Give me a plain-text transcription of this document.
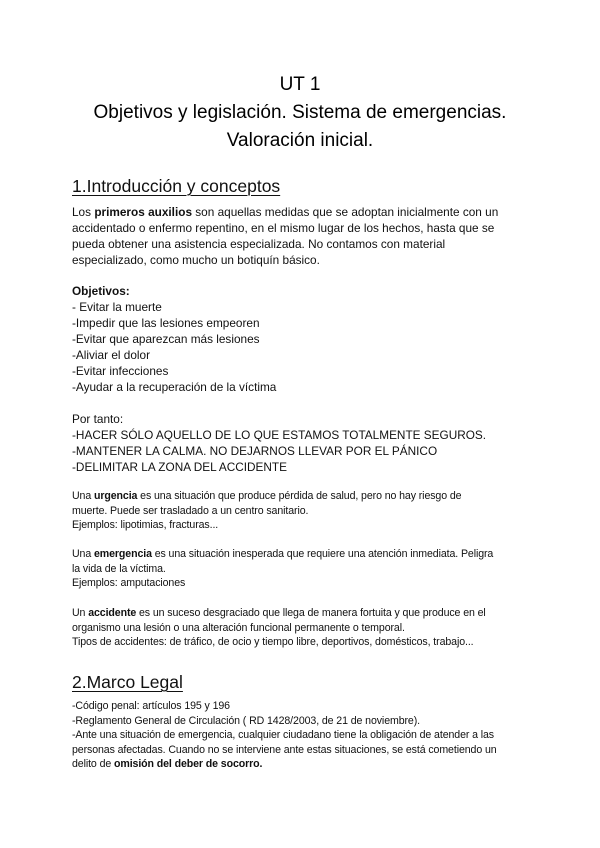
UT 1
Objetivos y legislación. Sistema de emergencias.
Valoración inicial.
1.Introducción y conceptos
Los primeros auxilios son aquellas medidas que se adoptan inicialmente con un
accidentado o enfermo repentino, en el mismo lugar de los hechos, hasta que se
pueda obtener una asistencia especializada. No contamos con material
especializado, como mucho un botiquín básico.
Objetivos:
- Evitar la muerte
-Impedir que las lesiones empeoren
-Evitar que aparezcan más lesiones
-Aliviar el dolor
-Evitar infecciones
-Ayudar a la recuperación de la víctima
Por tanto:
-HACER SÓLO AQUELLO DE LO QUE ESTAMOS TOTALMENTE SEGUROS.
-MANTENER LA CALMA. NO DEJARNOS LLEVAR POR EL PÁNICO
-DELIMITAR LA ZONA DEL ACCIDENTE
Una urgencia es una situación que produce pérdida de salud, pero no hay riesgo de
muerte. Puede ser trasladado a un centro sanitario.
Ejemplos: lipotimias, fracturas...
Una emergencia es una situación inesperada que requiere una atención inmediata. Peligra
la vida de la víctima.
Ejemplos: amputaciones
Un accidente es un suceso desgraciado que llega de manera fortuita y que produce en el
organismo una lesión o una alteración funcional permanente o temporal.
Tipos de accidentes: de tráfico, de ocio y tiempo libre, deportivos, domésticos, trabajo...
2.Marco Legal
-Código penal: artículos 195 y 196
-Reglamento General de Circulación ( RD 1428/2003, de 21 de noviembre).
-Ante una situación de emergencia, cualquier ciudadano tiene la obligación de atender a las
personas afectadas. Cuando no se interviene ante estas situaciones, se está cometiendo un
delito de omisión del deber de socorro.
